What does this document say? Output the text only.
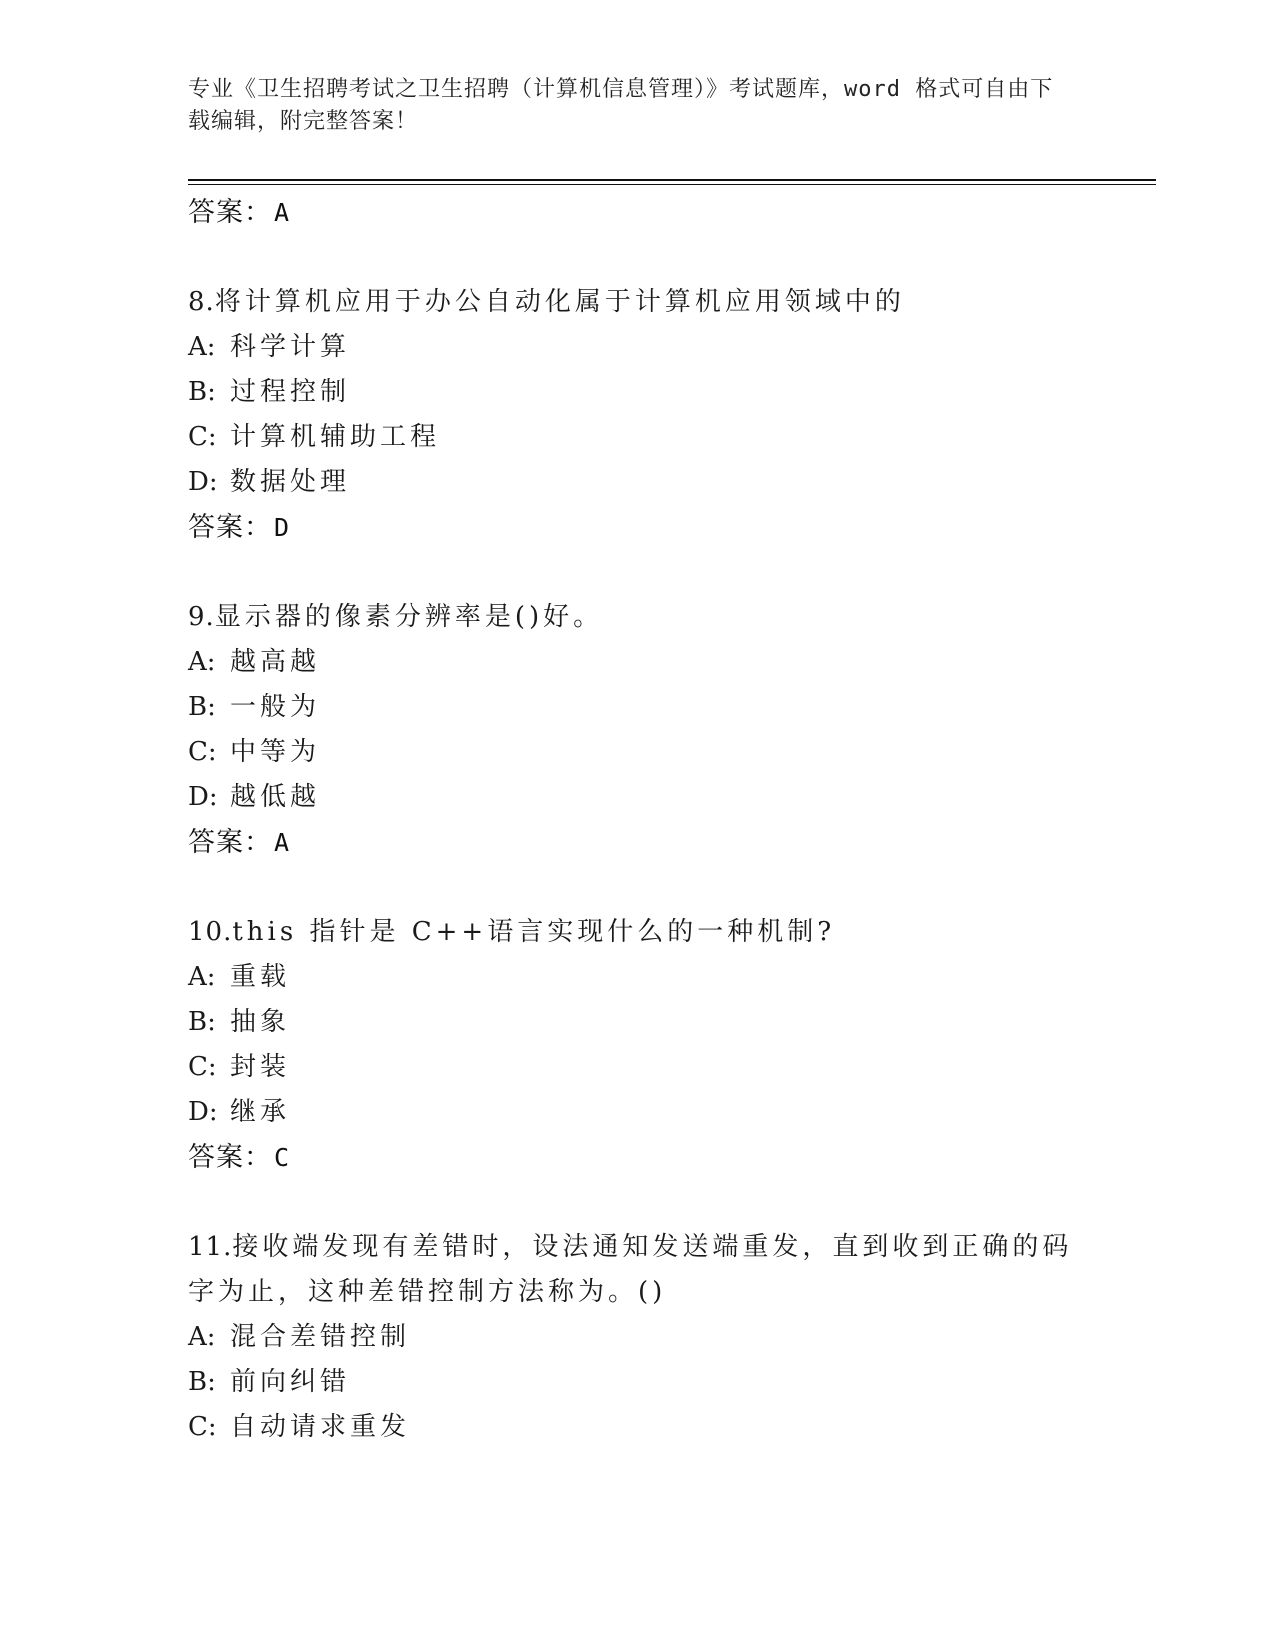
专业《卫生招聘考试之卫生招聘（计算机信息管理）》考试题库，word 格式可自由下载编辑，附完整答案！
答案：A
8.将计算机应用于办公自动化属于计算机应用领域中的
A: 科学计算
B: 过程控制
C: 计算机辅助工程
D: 数据处理
答案：D
9.显示器的像素分辨率是()好。
A: 越高越
B: 一般为
C: 中等为
D: 越低越
答案：A
10.this 指针是 C++语言实现什么的一种机制?
A: 重载
B: 抽象
C: 封装
D: 继承
答案：C
11.接收端发现有差错时，设法通知发送端重发，直到收到正确的码字为止，这种差错控制方法称为。()
A: 混合差错控制
B: 前向纠错
C: 自动请求重发
